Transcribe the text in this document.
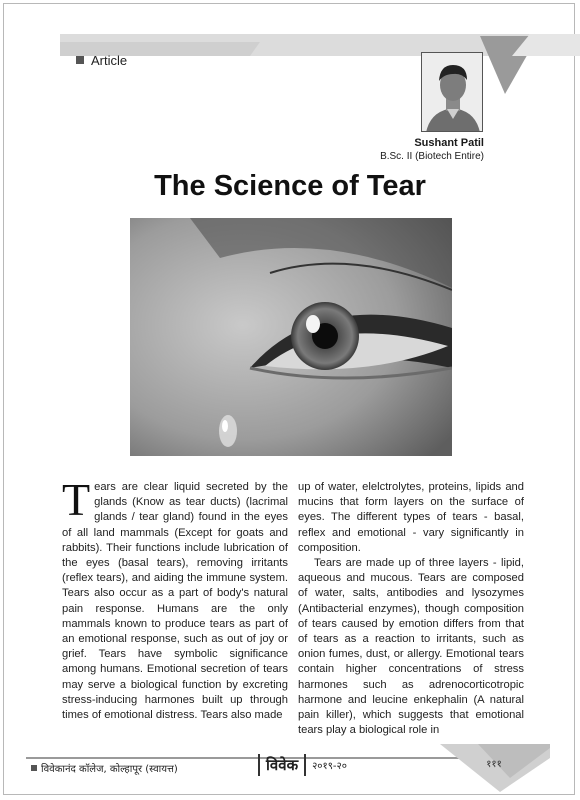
Article
Sushant Patil
B.Sc. II (Biotech Entire)
The Science of Tear

Tears are clear liquid secreted by the glands (Know as tear ducts) (lacrimal glands / tear gland) found in the eyes of all land mammals (Except for goats and rabbits). Their functions include lubrication of the eyes (basal tears), removing irritants (reflex tears), and aiding the immune system. Tears also occur as a part of body's natural pain response. Humans are the only mammals known to produce tears as part of an emotional response, such as out of joy or grief. Tears have symbolic significance among humans. Emotional secretion of tears may serve a biological function by excreting stress-inducing harmones built up through times of emotional distress. Tears also made

up of water, elelctrolytes, proteins, lipids and mucins that form layers on the surface of eyes. The different types of tears - basal, reflex and emotional - vary significantly in composition.

Tears are made up of three layers - lipid, aqueous and mucous. Tears are composed of water, salts, antibodies and lysozymes (Antibacterial enzymes), though composition of tears caused by emotion differs from that of tears as a reaction to irritants, such as onion fumes, dust, or allergy. Emotional tears contain higher concentrations of stress harmones such as adrenocorticotropic harmone and leucine enkephalin (A natural pain killer), which suggests that emotional tears play a biological role in

विवेकानंद कॉलेज, कोल्हापूर (स्वायत्त)	विवेक २०१९-२०	१११
